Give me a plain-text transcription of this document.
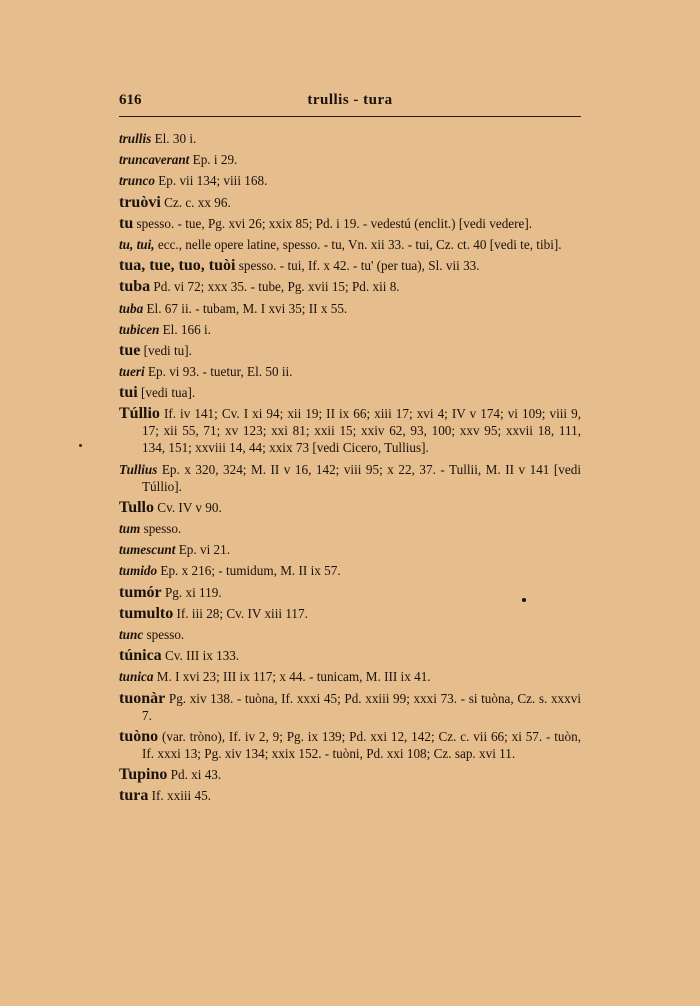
616	trullis - tura

trullis El. 30 i.

truncaverant Ep. i 29.

trunco Ep. vii 134; viii 168.

truòvi Cz. c. xx 96.

tu spesso. - tue, Pg. xvi 26; xxix 85; Pd. i 19. - vedestú (enclit.) [vedi vedere].

tu, tui, ecc., nelle opere latine, spesso. - tu, Vn. xii 33. - tui, Cz. ct. 40 [vedi te, tibi].

tua, tue, tuo, tuòi spesso. - tui, If. x 42. - tu' (per tua), Sl. vii 33.

tuba Pd. vi 72; xxx 35. - tube, Pg. xvii 15; Pd. xii 8.

tuba El. 67 ii. - tubam, M. I xvi 35; II x 55.

tubicen El. 166 i.

tue [vedi tu].

tueri Ep. vi 93. - tuetur, El. 50 ii.

tui [vedi tua].

Túllio If. iv 141; Cv. I xi 94; xii 19; II ix 66; xiii 17; xvi 4; IV v 174; vi 109; viii 9, 17; xii 55, 71; xv 123; xxi 81; xxii 15; xxiv 62, 93, 100; xxv 95; xxvii 18, 111, 134, 151; xxviii 14, 44; xxix 73 [vedi Cicero, Tullius].

Tullius Ep. x 320, 324; M. II v 16, 142; viii 95; x 22, 37. - Tullii, M. II v 141 [vedi Túllio].

Tullo Cv. IV v 90.

tum spesso.

tumescunt Ep. vi 21.

tumido Ep. x 216; - tumidum, M. II ix 57.

tumór Pg. xi 119.

tumulto If. iii 28; Cv. IV xiii 117.

tunc spesso.

túnica Cv. III ix 133.

tunica M. I xvi 23; III ix 117; x 44. - tunicam, M. III ix 41.

tuonàr Pg. xiv 138. - tuòna, If. xxxi 45; Pd. xxiii 99; xxxi 73. - si tuòna, Cz. s. xxxvi 7.

tuòno (var. tròno), If. iv 2, 9; Pg. ix 139; Pd. xxi 12, 142; Cz. c. vii 66; xi 57. - tuòn, If. xxxi 13; Pg. xiv 134; xxix 152. - tuòni, Pd. xxi 108; Cz. sap. xvi 11.

Tupino Pd. xi 43.

tura If. xxiii 45.
